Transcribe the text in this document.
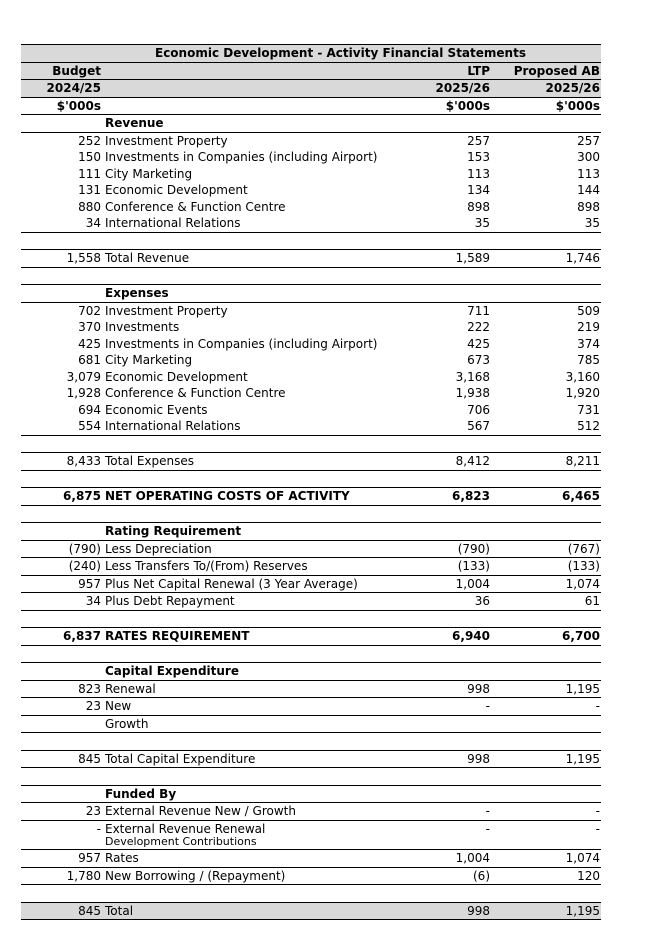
Economic Development - Activity Financial Statements
Budget	LTP	Proposed AB
2024/25	2025/26	2025/26
$'000s	$'000s	$'000s
Revenue
252 Investment Property	257	257
150 Investments in Companies (including Airport)	153	300
111 City Marketing	113	113
131 Economic Development	134	144
880 Conference & Function Centre	898	898
34 International Relations	35	35
1,558 Total Revenue	1,589	1,746
Expenses
702 Investment Property	711	509
370 Investments	222	219
425 Investments in Companies (including Airport)	425	374
681 City Marketing	673	785
3,079 Economic Development	3,168	3,160
1,928 Conference & Function Centre	1,938	1,920
694 Economic Events	706	731
554 International Relations	567	512
8,433 Total Expenses	8,412	8,211
6,875 NET OPERATING COSTS OF ACTIVITY	6,823	6,465
Rating Requirement
(790) Less Depreciation	(790)	(767)
(240) Less Transfers To/(From) Reserves	(133)	(133)
957 Plus Net Capital Renewal (3 Year Average)	1,004	1,074
34 Plus Debt Repayment	36	61
6,837 RATES REQUIREMENT	6,940	6,700
Capital Expenditure
823 Renewal	998	1,195
23 New	-	-
Growth
845 Total Capital Expenditure	998	1,195
Funded By
23 External Revenue New / Growth	-	-
- External Revenue Renewal	-	-
Development Contributions
957 Rates	1,004	1,074
1,780 New Borrowing / (Repayment)	(6)	120
845 Total	998	1,195
